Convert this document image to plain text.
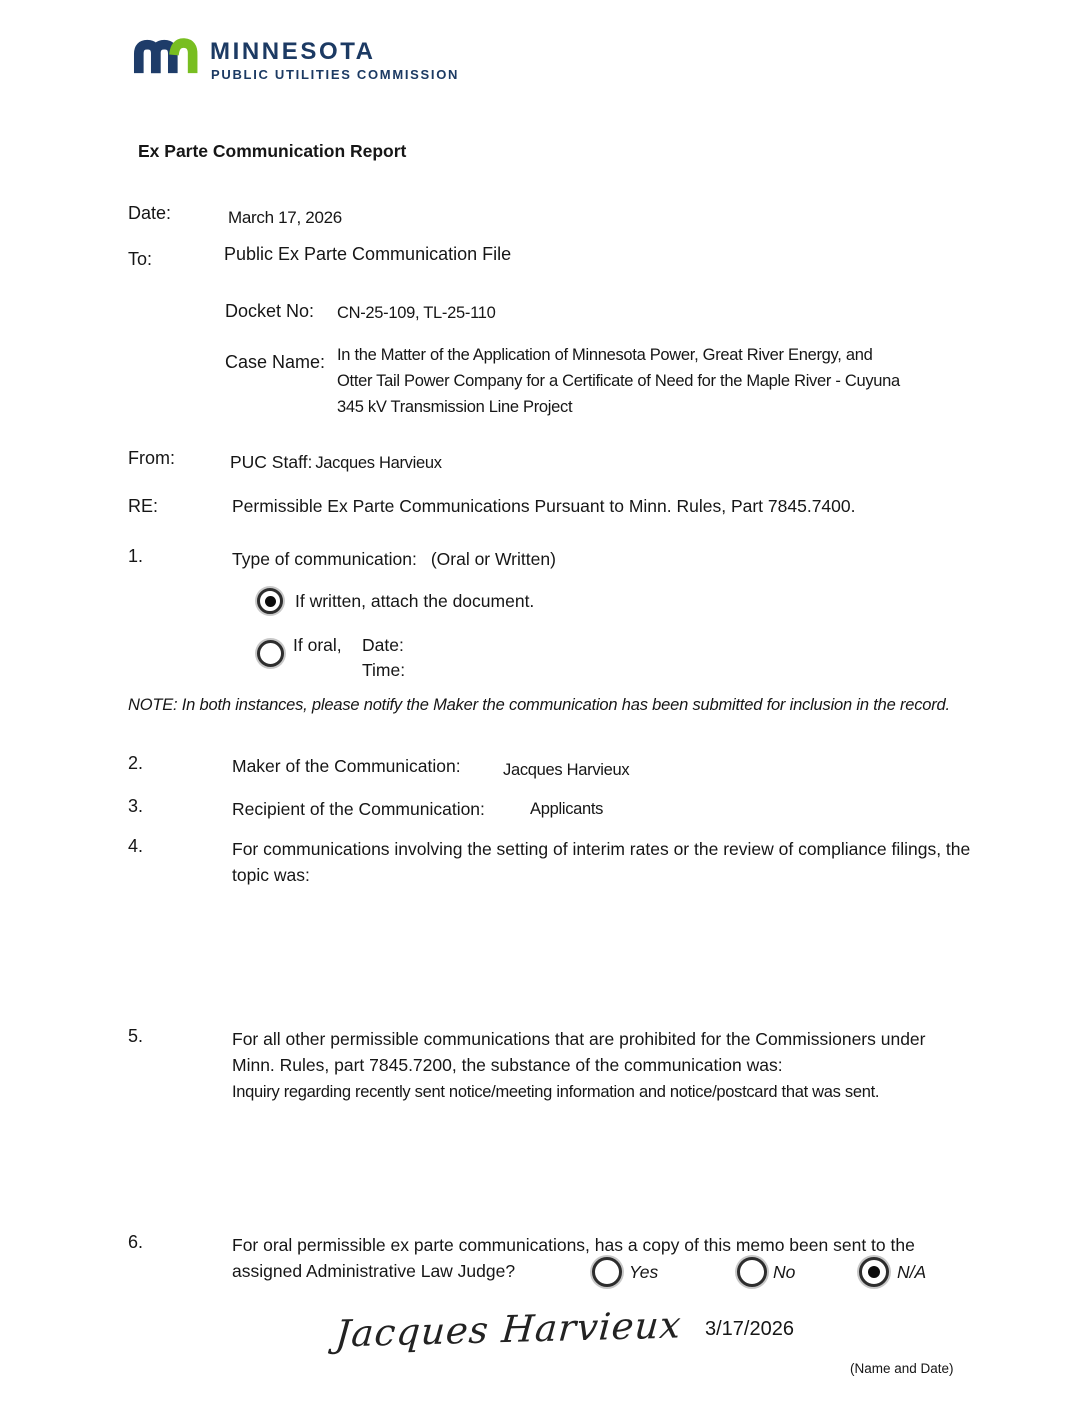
MINNESOTA
PUBLIC UTILITIES COMMISSION
Ex Parte Communication Report
Date:	March 17, 2026
To:	Public Ex Parte Communication File
Docket No: CN-25-109, TL-25-110
Case Name: In the Matter of the Application of Minnesota Power, Great River Energy, and
Otter Tail Power Company for a Certificate of Need for the Maple River - Cuyuna
345 kV Transmission Line Project
From:	PUC Staff: Jacques Harvieux
RE:	Permissible Ex Parte Communications Pursuant to Minn. Rules, Part 7845.7400.
1.	Type of communication: (Oral or Written)
If written, attach the document.
If oral, Date:
Time:
NOTE: In both instances, please notify the Maker the communication has been submitted for inclusion in the record.
2.	Maker of the Communication:	Jacques Harvieux
3.	Recipient of the Communication:	Applicants
4.	For communications involving the setting of interim rates or the review of compliance filings, the topic was:
5.	For all other permissible communications that are prohibited for the Commissioners under Minn. Rules, part 7845.7200, the substance of the communication was:
Inquiry regarding recently sent notice/meeting information and notice/postcard that was sent.
6.	For oral permissible ex parte communications, has a copy of this memo been sent to the assigned Administrative Law Judge?	Yes	No	N/A
Jacques Harvieux 3/17/2026
(Name and Date)
